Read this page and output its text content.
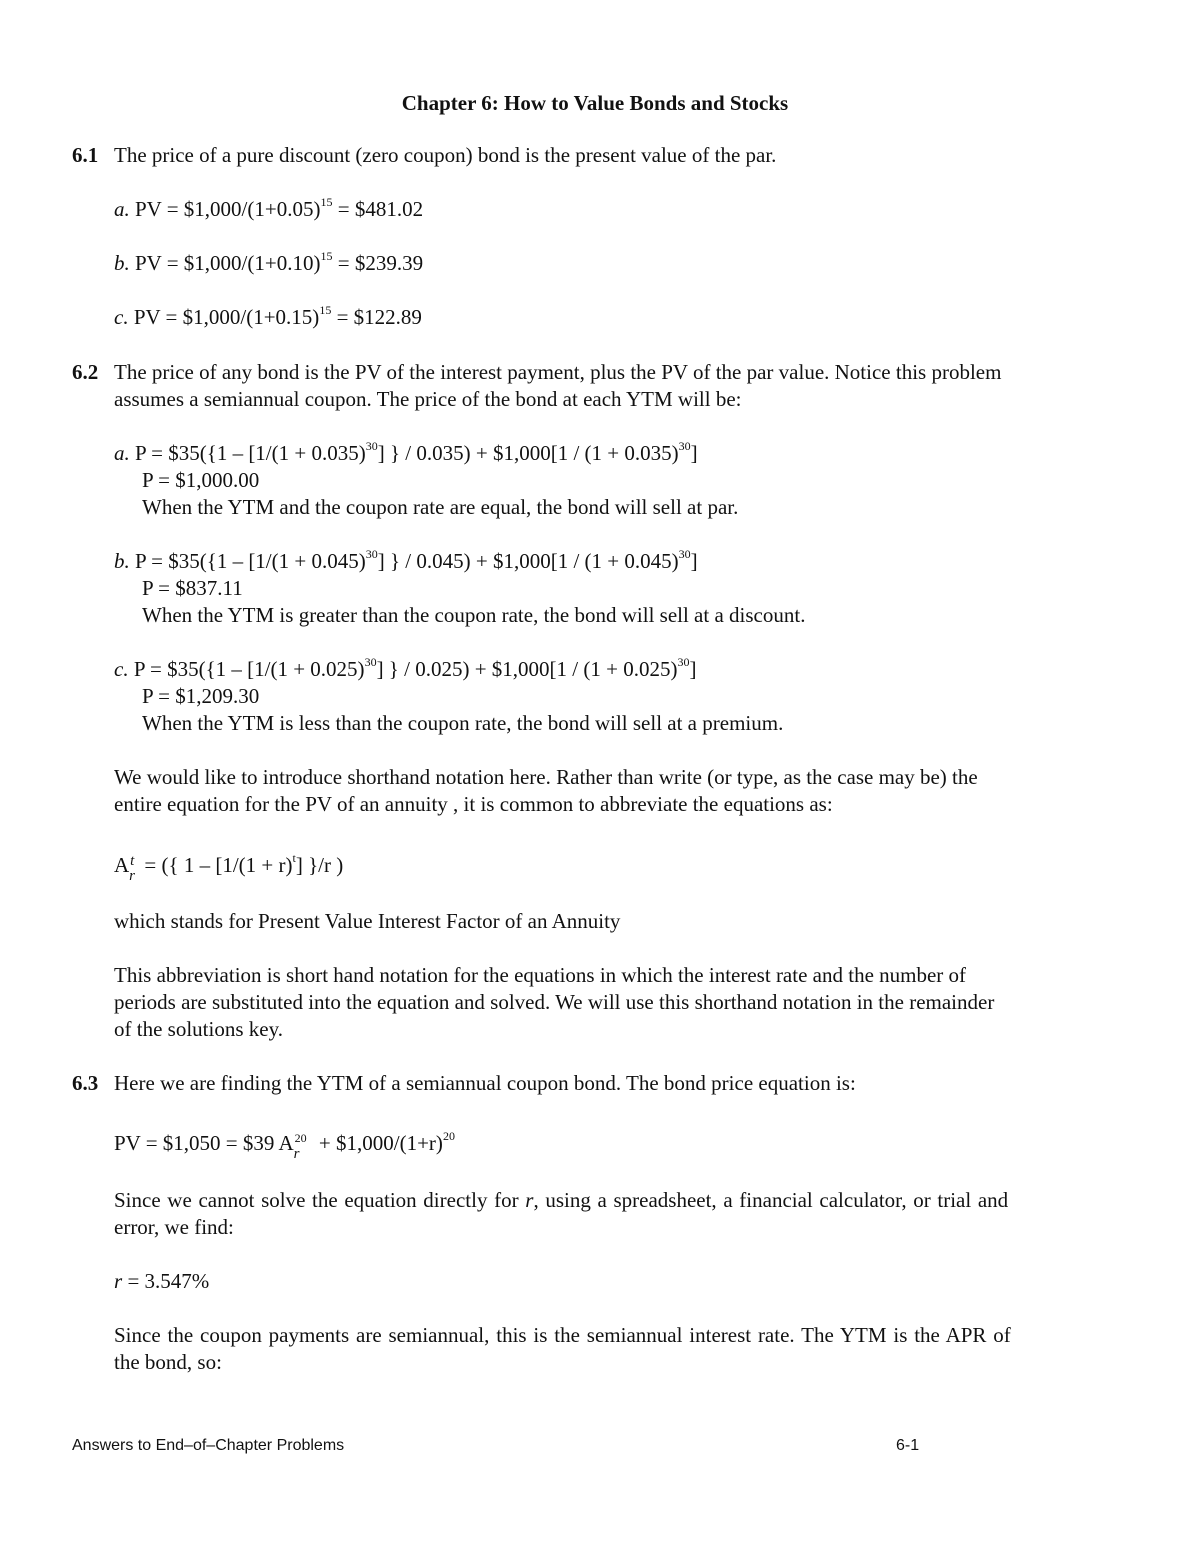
Chapter 6: How to Value Bonds and Stocks
6.1 The price of a pure discount (zero coupon) bond is the present value of the par.
a. PV = $\$1,000/(1+0.05)^{15}$ = $481.02
b. PV = $\$1,000/(1+0.10)^{15}$ = $239.39
c. PV = $\$1,000/(1+0.15)^{15}$ = $122.89
6.2 The price of any bond is the PV of the interest payment, plus the PV of the par value. Notice this problem
assumes a semiannual coupon. The price of the bond at each YTM will be:
a. P = $35({1 – $[1/(1 + 0.035)^{30}]$ } / 0.035) + $1,000[1 / $(1 + 0.035)^{30}$]
P = $1,000.00
When the YTM and the coupon rate are equal, the bond will sell at par.
b. P = $35({1 – $[1/(1 + 0.045)^{30}]$ } / 0.045) + $1,000[1 / $(1 + 0.045)^{30}$]
P = $837.11
When the YTM is greater than the coupon rate, the bond will sell at a discount.
c. P = $35({1 – $[1/(1 + 0.025)^{30}]$ } / 0.025) + $1,000[1 / $(1 + 0.025)^{30}$]
P = $1,209.30
When the YTM is less than the coupon rate, the bond will sell at a premium.
We would like to introduce shorthand notation here. Rather than write (or type, as the case may be) the
entire equation for the PV of an annuity , it is common to abbreviate the equations as:
A t
r = ({ $1 - [1/(1 + r)^t]$ }/r )
which stands for Present Value Interest Factor of an Annuity
This abbreviation is short hand notation for the equations in which the interest rate and the number of
periods are substituted into the equation and solved. We will use this shorthand notation in the remainder
of the solutions key.
6.3 Here we are finding the YTM of a semiannual coupon bond. The bond price equation is:
PV = $1,050 = $39 A 20
$r + \$1,000/(1+r)^{20}$
Since we cannot solve the equation directly for r, using a spreadsheet, a financial calculator, or trial and
error, we find:
r = 3.547%
Since the coupon payments are semiannual, this is the semiannual interest rate. The YTM is the APR of
the bond, so:
Answers to End–of–Chapter Problems	6-1
